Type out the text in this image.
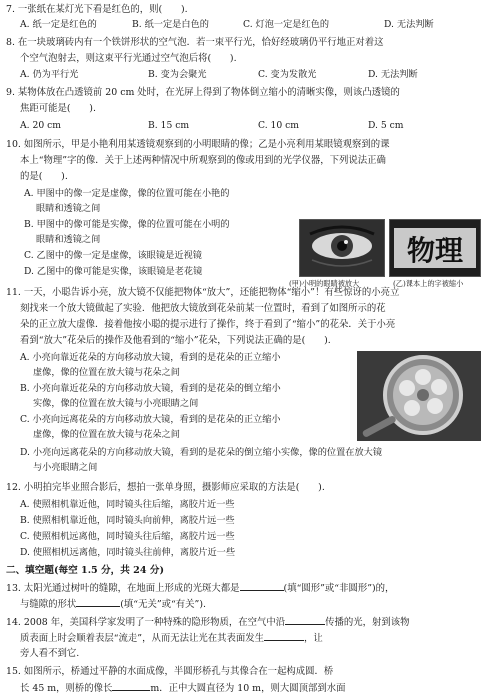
7. 一张纸在某灯光下看是红色的，则(　　).
A. 纸一定是红色的	B. 纸一定是白色的	C. 灯泡一定是红色的	D. 无法判断
8. 在一块玻璃砖内有一个铁饼形状的空气泡．若一束平行光，恰好经玻璃仍平行地正对着这
个空气泡射去，则这束平行光通过空气泡后将(　　).
A. 仍为平行光	B. 变为会聚光	C. 变为发散光	D. 无法判断
9. 某物体放在凸透镜前 20 cm 处时，在光屏上得到了物体倒立缩小的清晰实像，则该凸透镜的
焦距可能是(　　).
A. 20 cm	B. 15 cm	C. 10 cm	D. 5 cm
10. 如图所示，甲是小艳利用某透镜观察到的小明眼睛的像；乙是小亮利用某眼镜观察到的课
本上“物理”字的像．关于上述两种情况中所观察到的像或用到的光学仪器，下列说法正确
的是(　　).
A. 甲图中的像一定是虚像，像的位置可能在小艳的
眼睛和透镜之间
B. 甲图中的像可能是实像，像的位置可能在小明的
眼睛和透镜之间
C. 乙图中的像一定是虚像，该眼镜是近视镜
D. 乙图中的像可能是实像，该眼镜是老花镜
物理
(甲)小明的眼睛被放大	(乙)课本上的字被缩小
11. 一天，小聪告诉小亮，放大镜不仅能把物体“放大”，还能把物体“缩小”！有些惊讶的小亮立
刻找来一个放大镜做起了实验．他把放大镜放到花朵前某一位置时，看到了如图所示的花
朵的正立放大虚像．接着他按小聪的提示进行了操作，终于看到了“缩小”的花朵．关于小亮
看到“放大”花朵后的操作及他看到的“缩小”花朵，下列说法正确的是(　　).
A. 小亮向靠近花朵的方向移动放大镜，看到的是花朵的正立缩小
虚像，像的位置在放大镜与花朵之间
B. 小亮向靠近花朵的方向移动放大镜，看到的是花朵的倒立缩小
实像，像的位置在放大镜与小亮眼睛之间
C. 小亮向远离花朵的方向移动放大镜，看到的是花朵的正立缩小
虚像，像的位置在放大镜与花朵之间
D. 小亮向远离花朵的方向移动放大镜，看到的是花朵的倒立缩小实像，像的位置在放大镜
与小亮眼睛之间
12. 小明拍完毕业照合影后，想拍一张单身照，摄影师应采取的方法是(　　).
A. 使照相机靠近他，同时镜头往后缩，离胶片近一些
B. 使照相机靠近他，同时镜头向前伸，离胶片远一些
C. 使照相机远离他，同时镜头往后缩，离胶片远一些
D. 使照相机远离他，同时镜头往前伸，离胶片近一些
二、填空题(每空 1.5 分，共 24 分)
13. 太阳光通过树叶的缝隙，在地面上形成的光斑大都是	(填“圆形”或“非圆形”)的，
与缝隙的形状	(填“无关”或“有关”).
14. 2008 年，美国科学家发明了一种特殊的隐形物质，在空气中沿	传播的光，射到该物
质表面上时会顺着表层“流走”，从而无法让光在其表面发生	，让
旁人看不到它.
15. 如图所示，桥通过平静的水面成像，半圆形桥孔与其像合在一起构成圆．桥
长 45 m，则桥的像长	m．正中大圆直径为 10 m，则大圆顶部到水面
